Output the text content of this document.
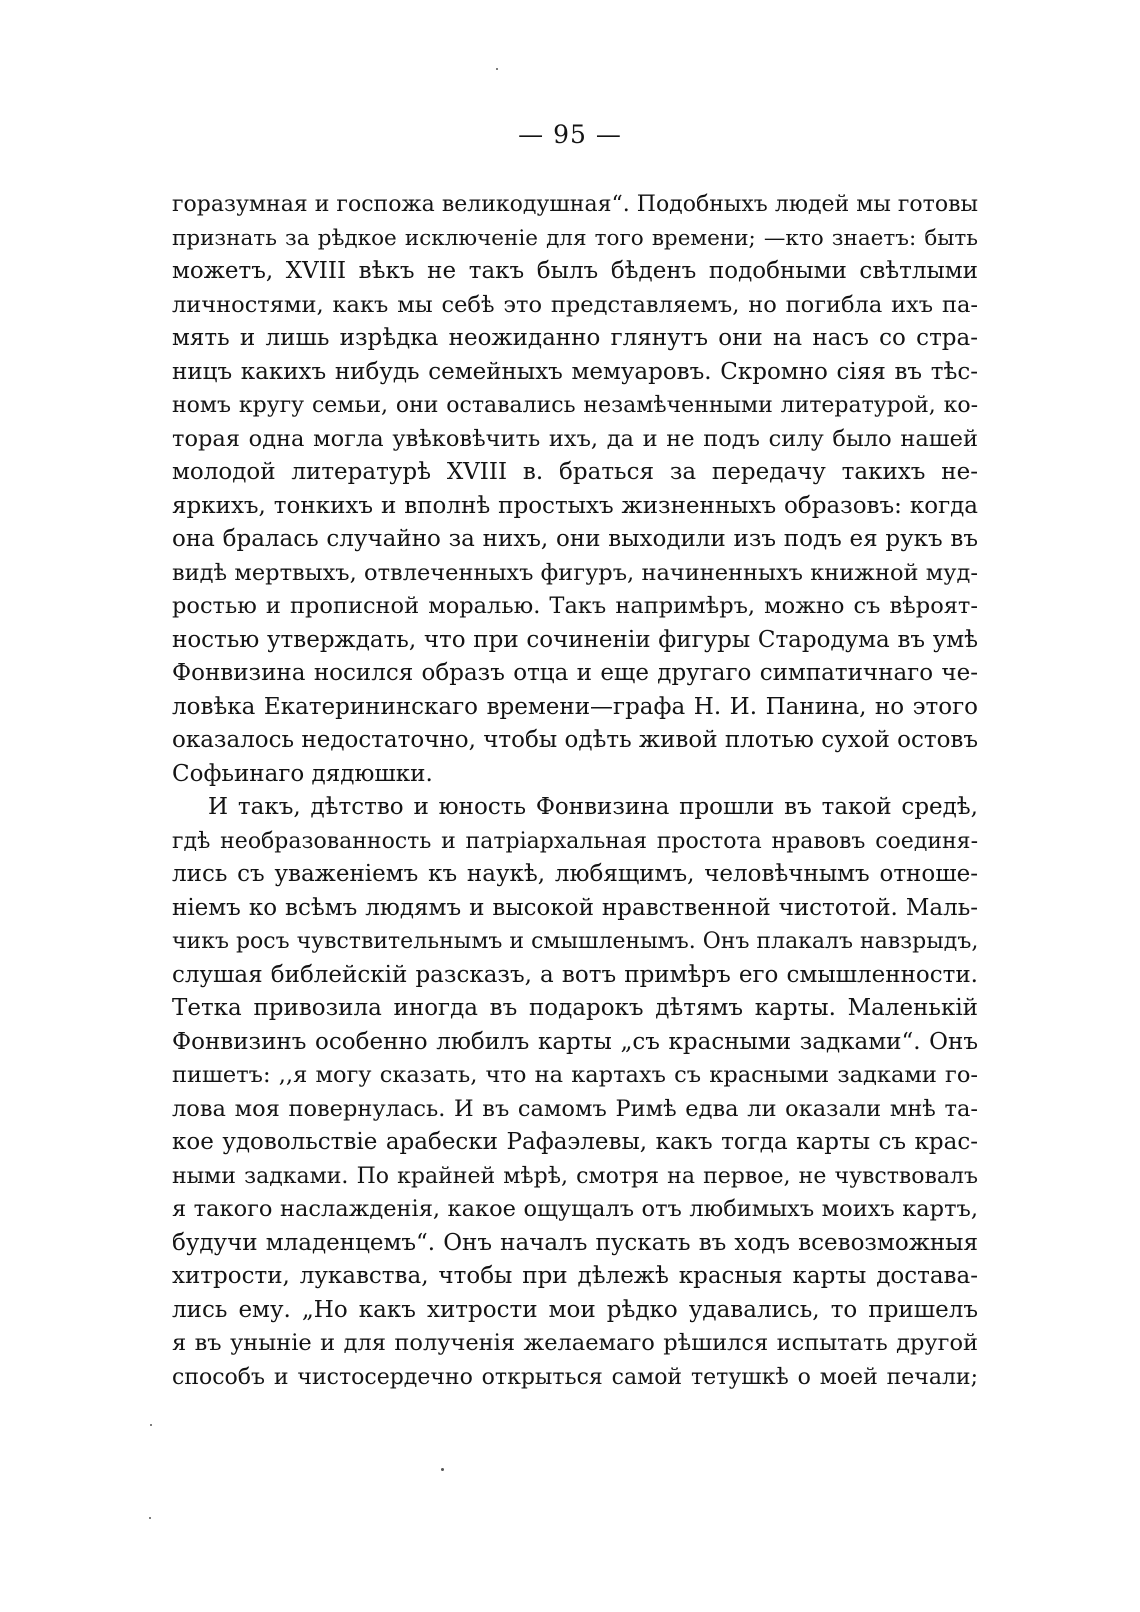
— 95 —
горазумная и госпожа великодушная“. Подобныхъ людей мы готовы
признать за рѣдкое исключенiе для того времени; —кто знаетъ: быть
можетъ, XVIII вѣкъ не такъ былъ бѣденъ подобными свѣтлыми
личностями, какъ мы себѣ это представляемъ, но погибла ихъ па-
мять и лишь изрѣдка неожиданно глянутъ они на насъ со стра-
ницъ какихъ нибудь семейныхъ мемуаровъ. Скромно сiяя въ тѣс-
номъ кругу семьи, они оставались незамѣченными литературой, ко-
торая одна могла увѣковѣчить ихъ, да и не подъ силу было нашей
молодой литературѣ XVIII в. браться за передачу такихъ не-
яркихъ, тонкихъ и вполнѣ простыхъ жизненныхъ образовъ: когда
она бралась случайно за нихъ, они выходили изъ подъ ея рукъ въ
видѣ мертвыхъ, отвлеченныхъ фигуръ, начиненныхъ книжной муд-
ростью и прописной моралью. Такъ напримѣръ, можно съ вѣроят-
ностью утверждать, что при сочиненiи фигуры Стародума въ умѣ
Фонвизина носился образъ отца и еще другаго симпатичнаго че-
ловѣка Екатерининскаго времени—графа Н. И. Панина, но этого
оказалось недостаточно, чтобы одѣть живой плотью сухой остовъ
Софьинаго дядюшки.
И такъ, дѣтство и юность Фонвизина прошли въ такой средѣ,
гдѣ необразованность и патрiархальная простота нравовъ соединя-
лись съ уваженiемъ къ наукѣ, любящимъ, человѣчнымъ отноше-
нiемъ ко всѣмъ людямъ и высокой нравственной чистотой. Маль-
чикъ росъ чувствительнымъ и смышленымъ. Онъ плакалъ навзрыдъ,
слушая библейскiй разсказъ, а вотъ примѣръ его смышленности.
Тетка привозила иногда въ подарокъ дѣтямъ карты. Маленькiй
Фонвизинъ особенно любилъ карты „съ красными задками“. Онъ
пишетъ: ,,я могу сказать, что на картахъ съ красными задками го-
лова моя повернулась. И въ самомъ Римѣ едва ли оказали мнѣ та-
кое удовольствiе арабески Рафаэлевы, какъ тогда карты съ крас-
ными задками. По крайней мѣрѣ, смотря на первое, не чувствовалъ
я такого наслажденiя, какое ощущалъ отъ любимыхъ моихъ картъ,
будучи младенцемъ“. Онъ началъ пускать въ ходъ всевозможныя
хитрости, лукавства, чтобы при дѣлежѣ красныя карты доставa-
лись ему. „Но какъ хитрости мои рѣдко удавались, то пришелъ
я въ унынiе и для полученiя желаемаго рѣшился испытать другой
способъ и чистосердечно открыться самой тетушкѣ о моей печали;
